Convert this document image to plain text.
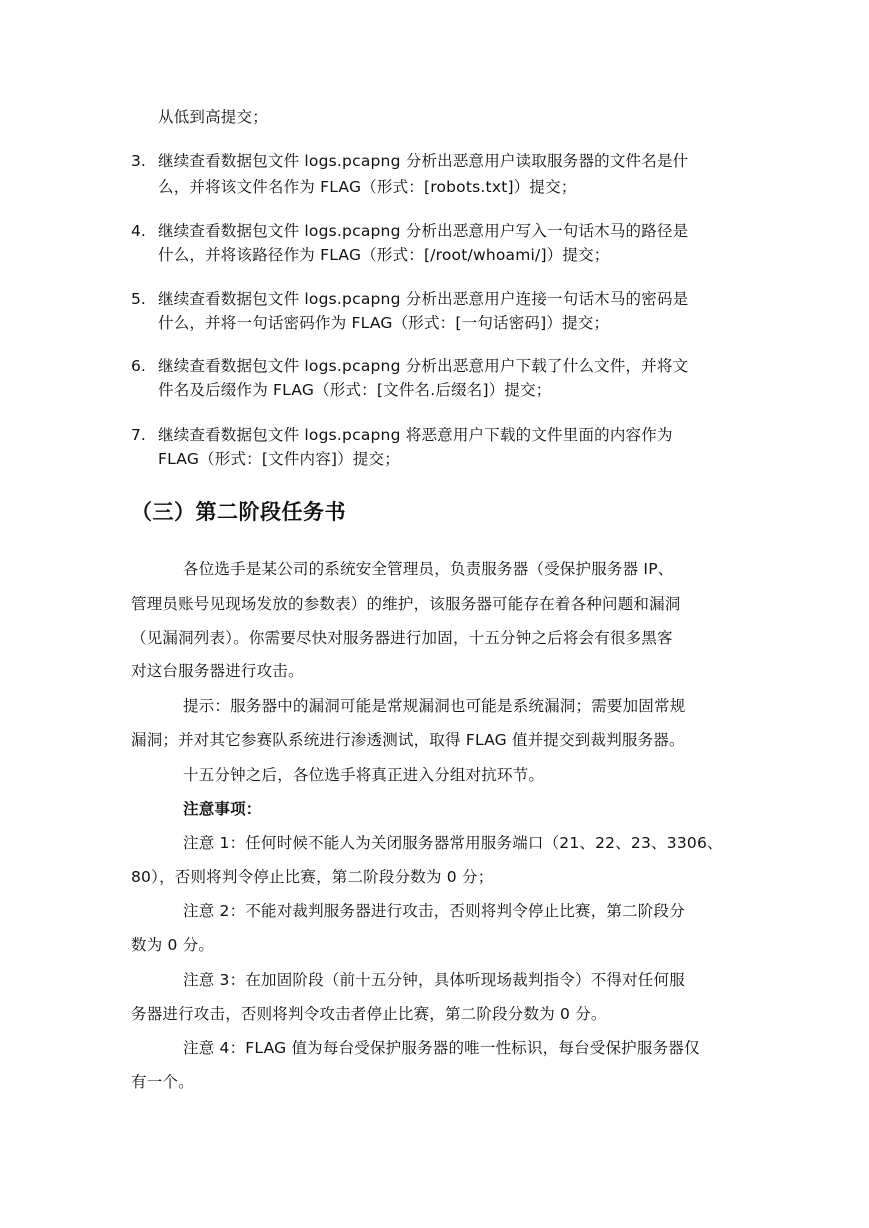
从低到高提交；
3. 继续查看数据包文件 logs.pcapng 分析出恶意用户读取服务器的文件名是什
么，并将该文件名作为 FLAG（形式：[robots.txt]）提交；
4. 继续查看数据包文件 logs.pcapng 分析出恶意用户写入一句话木马的路径是
什么，并将该路径作为 FLAG（形式：[/root/whoami/]）提交；
5. 继续查看数据包文件 logs.pcapng 分析出恶意用户连接一句话木马的密码是
什么，并将一句话密码作为 FLAG（形式：[一句话密码]）提交；
6. 继续查看数据包文件 logs.pcapng 分析出恶意用户下载了什么文件，并将文
件名及后缀作为 FLAG（形式：[文件名.后缀名]）提交；
7. 继续查看数据包文件 logs.pcapng 将恶意用户下载的文件里面的内容作为
FLAG（形式：[文件内容]）提交；
（三）第二阶段任务书
各位选手是某公司的系统安全管理员，负责服务器（受保护服务器 IP、
管理员账号见现场发放的参数表）的维护，该服务器可能存在着各种问题和漏洞
（见漏洞列表）。你需要尽快对服务器进行加固，十五分钟之后将会有很多黑客
对这台服务器进行攻击。
提示：服务器中的漏洞可能是常规漏洞也可能是系统漏洞；需要加固常规
漏洞；并对其它参赛队系统进行渗透测试，取得 FLAG 值并提交到裁判服务器。
十五分钟之后，各位选手将真正进入分组对抗环节。
注意事项：
注意 1：任何时候不能人为关闭服务器常用服务端口（21、22、23、3306、
80），否则将判令停止比赛，第二阶段分数为 0 分；
注意 2：不能对裁判服务器进行攻击，否则将判令停止比赛，第二阶段分
数为 0 分。
注意 3：在加固阶段（前十五分钟，具体听现场裁判指令）不得对任何服
务器进行攻击，否则将判令攻击者停止比赛，第二阶段分数为 0 分。
注意 4：FLAG 值为每台受保护服务器的唯一性标识，每台受保护服务器仅
有一个。
